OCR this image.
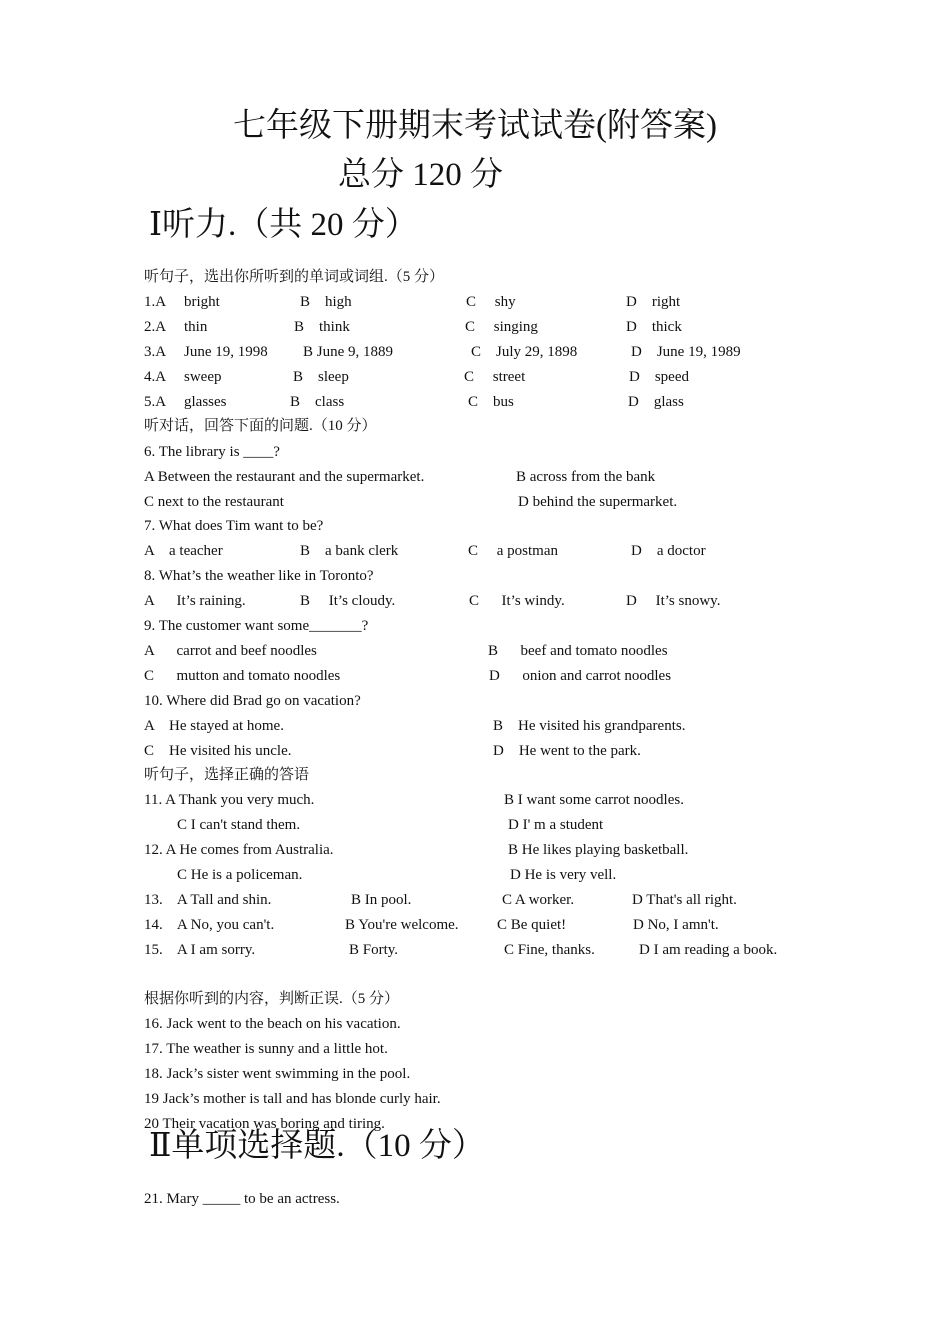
七年级下册期末考试试卷(附答案)
总分 120 分
Ⅰ听力.（共 20 分）
听句子，选出你所听到的单词或词组.（5 分）
1.A bright	B    high	C     shy	D    right
2.A thin	B    think	C     singing	D    thick
3.A June 19, 1998 B June 9, 1889	C    July 29, 1898	D    June 19, 1989
4.A sweep	B    sleep	C     street	D    speed
5.A glasses	B    class	C    bus	D    glass
听对话，回答下面的问题.（10 分）
6. The library is ____?
A Between the restaurant and the supermarket.	B across from the bank
C next to the restaurant	D behind the supermarket.
7. What does Tim want to be?
A    a teacher	B    a bank clerk	C     a postman	D    a doctor
8. What’s the weather like in Toronto?
A      It’s raining.	B     It’s cloudy.	C      It’s windy.	D     It’s snowy.
9. The customer want some_______?
A      carrot and beef noodles	B      beef and tomato noodles
C      mutton and tomato noodles	D      onion and carrot noodles
10. Where did Brad go on vacation?
A    He stayed at home.	B    He visited his grandparents.
C    He visited his uncle.	D    He went to the park.
听句子，选择正确的答语
11. A Thank you very much.	B I want some carrot noodles.
C I can't stand them.	D I' m a student
12. A He comes from Australia.	B He likes playing basketball.
C He is a policeman.	D He is very vell.
13.    A Tall and shin.	B In pool.	C A worker.	D That's all right.
14.    A No, you can't.	B You're welcome.	C Be quiet!	D No, I amn't.
15.    A I am sorry.	B Forty.	C Fine, thanks.	D I am reading a book.
根据你听到的内容，判断正误.（5 分）
16. Jack went to the beach on his vacation.
17. The weather is sunny and a little hot.
18. Jack’s sister went swimming in the pool.
19 Jack’s mother is tall and has blonde curly hair.
20 Their vacation was boring and tiring.
Ⅱ单项选择题.（10 分）
21. Mary _____ to be an actress.
